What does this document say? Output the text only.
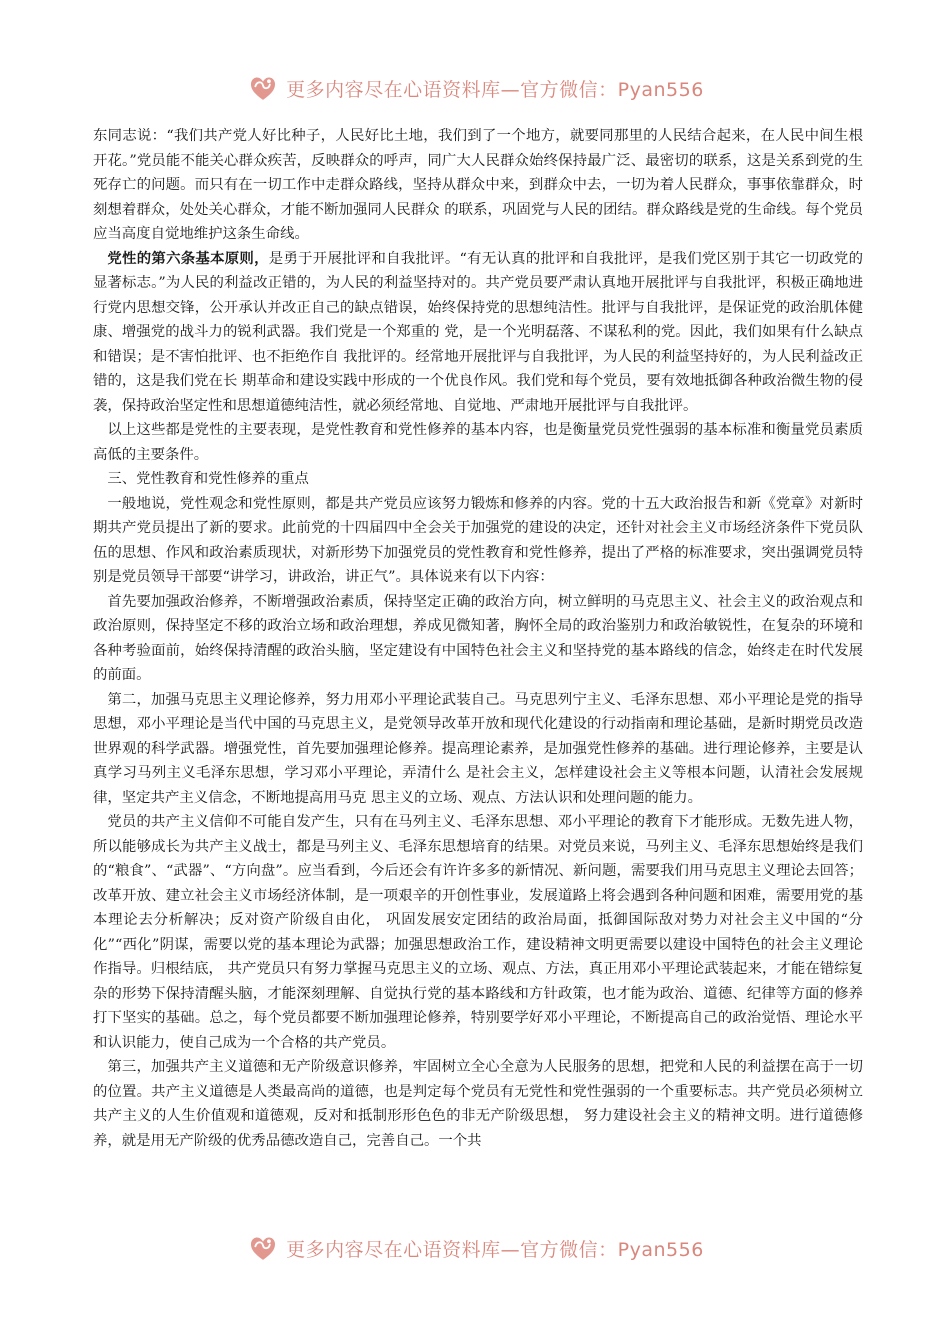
更多内容尽在心语资料库—官方微信：Pyan556

东同志说：“我们共产党人好比种子，人民好比土地，我们到了一个地方，就要同那里的人民结合起来，在人民中间生根开花。”党员能不能关心群众疾苦，反映群众的呼声，同广大人民群众始终保持最广泛、最密切的联系，这是关系到党的生死存亡的问题。而只有在一切工作中走群众路线，坚持从群众中来，到群众中去，一切为着人民群众，事事依靠群众，时刻想着群众，处处关心群众，才能不断加强同人民群众 的联系，巩固党与人民的团结。群众路线是党的生命线。每个党员应当高度自觉地维护这条生命线。

党性的第六条基本原则，是勇于开展批评和自我批评。“有无认真的批评和自我批评，是我们党区别于其它一切政党的显著标志。”为人民的利益改正错的，为人民的利益坚持对的。共产党员要严肃认真地开展批评与自我批评，积极正确地进行党内思想交锋，公开承认并改正自己的缺点错误，始终保持党的思想纯洁性。批评与自我批评，是保证党的政治肌体健康、增强党的战斗力的锐利武器。我们党是一个郑重的 党，是一个光明磊落、不谋私利的党。因此，我们如果有什么缺点和错误；是不害怕批评、也不拒绝作自 我批评的。经常地开展批评与自我批评，为人民的利益坚持好的，为人民利益改正错的，这是我们党在长 期革命和建设实践中形成的一个优良作风。我们党和每个党员，要有效地抵御各种政治微生物的侵袭，保持政治坚定性和思想道德纯洁性，就必须经常地、自觉地、严肃地开展批评与自我批评。

以上这些都是党性的主要表现，是党性教育和党性修养的基本内容，也是衡量党员党性强弱的基本标准和衡量党员素质高低的主要条件。

三、党性教育和党性修养的重点

一般地说，党性观念和党性原则，都是共产党员应该努力锻炼和修养的内容。党的十五大政治报告和新《党章》对新时期共产党员提出了新的要求。此前党的十四届四中全会关于加强党的建设的决定，还针对社会主义市场经济条件下党员队伍的思想、作风和政治素质现状，对新形势下加强党员的党性教育和党性修养，提出了严格的标准要求，突出强调党员特别是党员领导干部要“讲学习，讲政治，讲正气”。具体说来有以下内容：

首先要加强政治修养，不断增强政治素质，保持坚定正确的政治方向，树立鲜明的马克思主义、社会主义的政治观点和政治原则，保持坚定不移的政治立场和政治理想，养成见微知著，胸怀全局的政治鉴别力和政治敏锐性，在复杂的环境和各种考验面前，始终保持清醒的政治头脑，坚定建设有中国特色社会主义和坚持党的基本路线的信念，始终走在时代发展的前面。

第二，加强马克思主义理论修养，努力用邓小平理论武装自己。马克思列宁主义、毛泽东思想、邓小平理论是党的指导思想，邓小平理论是当代中国的马克思主义，是党领导改革开放和现代化建设的行动指南和理论基础，是新时期党员改造世界观的科学武器。增强党性，首先要加强理论修养。提高理论素养，是加强党性修养的基础。进行理论修养，主要是认真学习马列主义毛泽东思想，学习邓小平理论，弄清什么 是社会主义，怎样建设社会主义等根本问题，认清社会发展规律，坚定共产主义信念，不断地提高用马克 思主义的立场、观点、方法认识和处理问题的能力。

党员的共产主义信仰不可能自发产生，只有在马列主义、毛泽东思想、邓小平理论的教育下才能形成。无数先进人物，所以能够成长为共产主义战士，都是马列主义、毛泽东思想培育的结果。对党员来说，马列主义、毛泽东思想始终是我们的“粮食”、“武器”、“方向盘”。应当看到，今后还会有许许多多的新情况、新问题，需要我们用马克思主义理论去回答；改革开放、建立社会主义市场经济体制，是一项艰辛的开创性事业，发展道路上将会遇到各种问题和困难，需要用党的基本理论去分析解决；反对资产阶级自由化， 巩固发展安定团结的政治局面，抵御国际敌对势力对社会主义中国的“分化”“西化”阴谋，需要以党的基本理论为武器；加强思想政治工作，建设精神文明更需要以建设中国特色的社会主义理论作指导。归根结底， 共产党员只有努力掌握马克思主义的立场、观点、方法，真正用邓小平理论武装起来，才能在错综复杂的形势下保持清醒头脑，才能深刻理解、自觉执行党的基本路线和方针政策，也才能为政治、道德、纪律等方面的修养打下坚实的基础。总之，每个党员都要不断加强理论修养，特别要学好邓小平理论，不断提高自己的政治觉悟、理论水平和认识能力，使自己成为一个合格的共产党员。

第三，加强共产主义道德和无产阶级意识修养，牢固树立全心全意为人民服务的思想，把党和人民的利益摆在高于一切的位置。共产主义道德是人类最高尚的道德，也是判定每个党员有无党性和党性强弱的一个重要标志。共产党员必须树立共产主义的人生价值观和道德观，反对和抵制形形色色的非无产阶级思想， 努力建设社会主义的精神文明。进行道德修养，就是用无产阶级的优秀品德改造自己，完善自己。一个共

更多内容尽在心语资料库—官方微信：Pyan556
